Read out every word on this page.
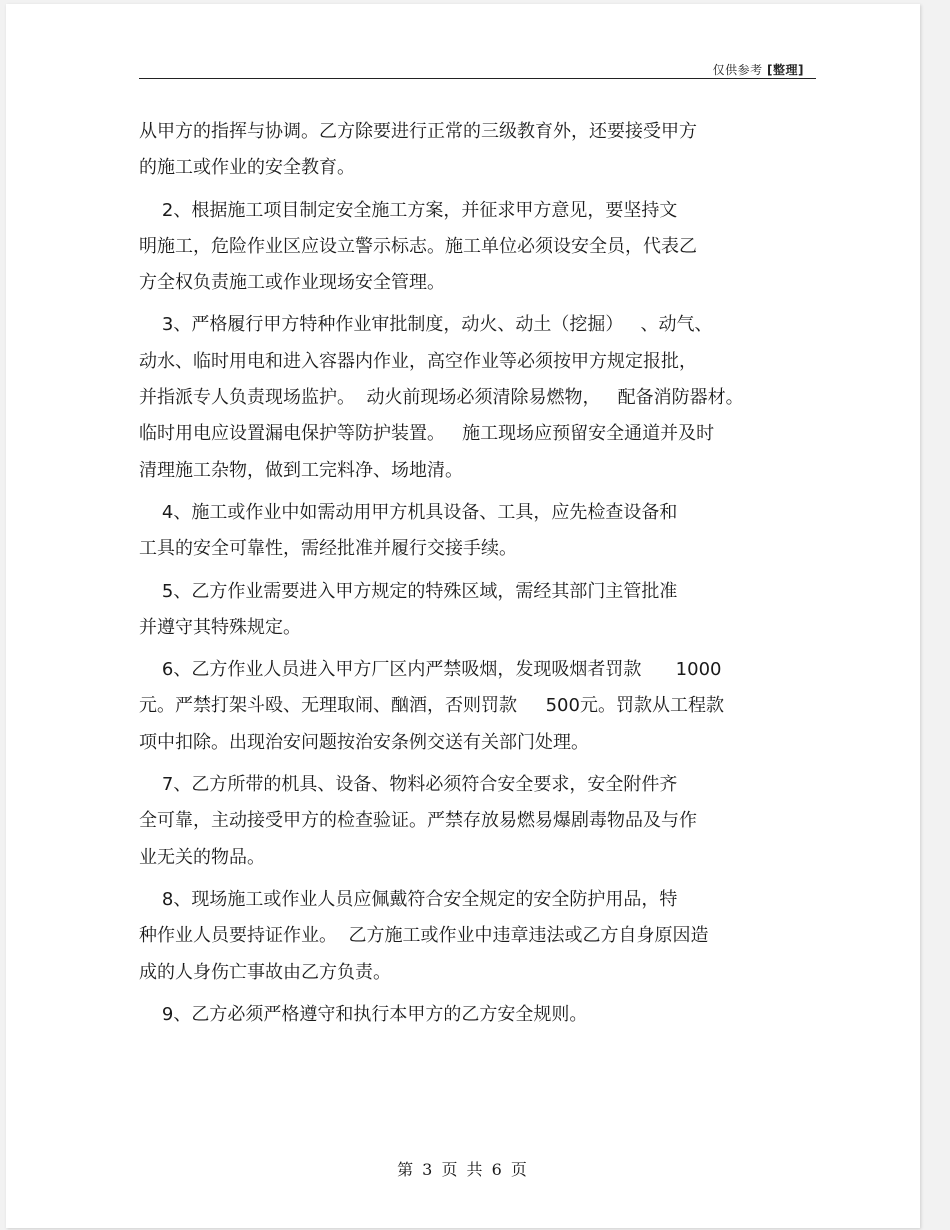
仅供参考 [整理]
从甲方的指挥与协调。乙方除要进行正常的三级教育外，还要接受甲方
的施工或作业的安全教育。
2、根据施工项目制定安全施工方案，并征求甲方意见，要坚持文
明施工，危险作业区应设立警示标志。施工单位必须设安全员，代表乙
方全权负责施工或作业现场安全管理。
3、严格履行甲方特种作业审批制度，动火、动土（挖掘）   、动气、
动水、临时用电和进入容器内作业，高空作业等必须按甲方规定报批，
并指派专人负责现场监护。  动火前现场必须清除易燃物，   配备消防器材。
临时用电应设置漏电保护等防护装置。   施工现场应预留安全通道并及时
清理施工杂物，做到工完料净、场地清。
4、施工或作业中如需动用甲方机具设备、工具，应先检查设备和
工具的安全可靠性，需经批准并履行交接手续。
5、乙方作业需要进入甲方规定的特殊区域，需经其部门主管批准
并遵守其特殊规定。
6、乙方作业人员进入甲方厂区内严禁吸烟，发现吸烟者罚款      1000
元。严禁打架斗殴、无理取闹、酗酒，否则罚款     500元。罚款从工程款
项中扣除。出现治安问题按治安条例交送有关部门处理。
7、乙方所带的机具、设备、物料必须符合安全要求，安全附件齐
全可靠，主动接受甲方的检查验证。严禁存放易燃易爆剧毒物品及与作
业无关的物品。
8、现场施工或作业人员应佩戴符合安全规定的安全防护用品，特
种作业人员要持证作业。  乙方施工或作业中违章违法或乙方自身原因造
成的人身伤亡事故由乙方负责。
9、乙方必须严格遵守和执行本甲方的乙方安全规则。
第 3 页 共 6 页
